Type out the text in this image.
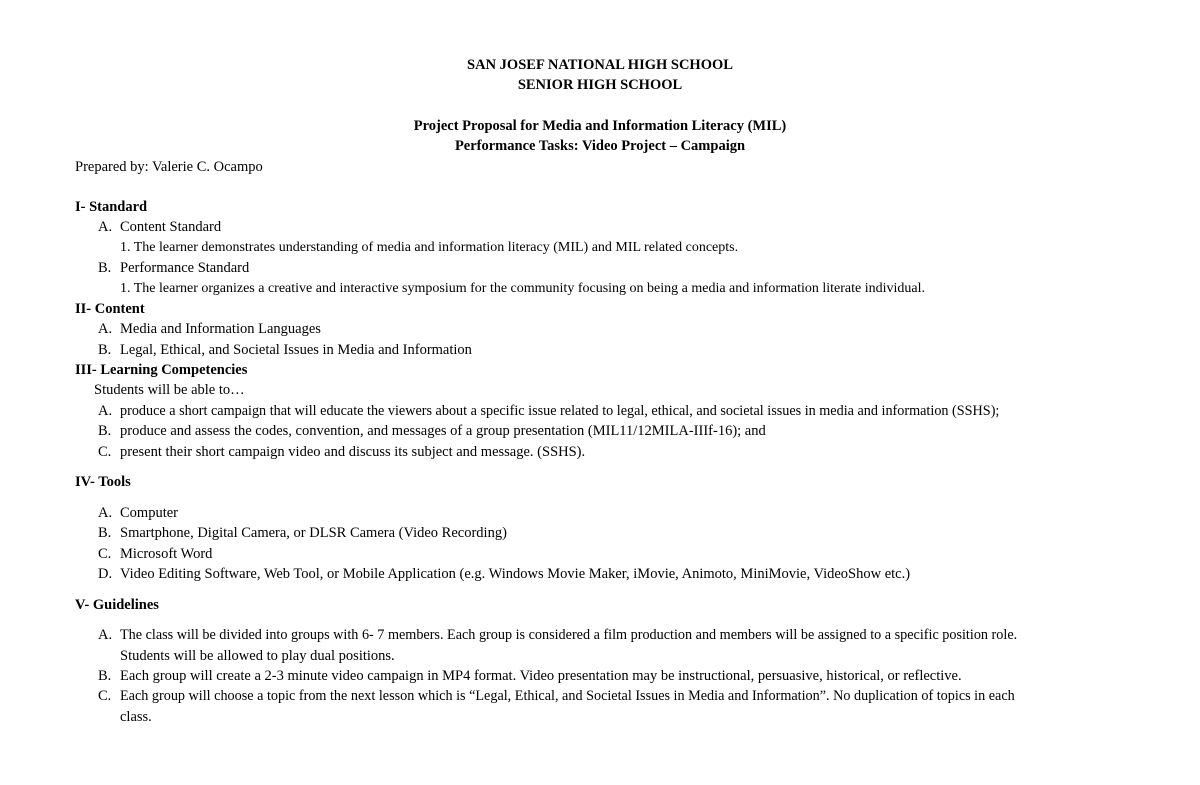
SAN JOSEF NATIONAL HIGH SCHOOL
SENIOR HIGH SCHOOL
Project Proposal for Media and Information Literacy (MIL)
Performance Tasks: Video Project – Campaign
Prepared by: Valerie C. Ocampo
I- Standard
A. Content Standard
1. The learner demonstrates understanding of media and information literacy (MIL) and MIL related concepts.
B. Performance Standard
1. The learner organizes a creative and interactive symposium for the community focusing on being a media and information literate individual.
II- Content
A. Media and Information Languages
B. Legal, Ethical, and Societal Issues in Media and Information
III- Learning Competencies
Students will be able to…
A. produce a short campaign that will educate the viewers about a specific issue related to legal, ethical, and societal issues in media and information (SSHS);
B. produce and assess the codes, convention, and messages of a group presentation (MIL11/12MILA-IIIf-16); and
C. present their short campaign video and discuss its subject and message. (SSHS).
IV- Tools
A. Computer
B. Smartphone, Digital Camera, or DLSR Camera (Video Recording)
C. Microsoft Word
D. Video Editing Software, Web Tool, or Mobile Application (e.g. Windows Movie Maker, iMovie, Animoto, MiniMovie, VideoShow etc.)
V- Guidelines
A. The class will be divided into groups with 6- 7 members. Each group is considered a film production and members will be assigned to a specific position role.
Students will be allowed to play dual positions.
B. Each group will create a 2-3 minute video campaign in MP4 format. Video presentation may be instructional, persuasive, historical, or reflective.
C. Each group will choose a topic from the next lesson which is “Legal, Ethical, and Societal Issues in Media and Information”. No duplication of topics in each
class.
